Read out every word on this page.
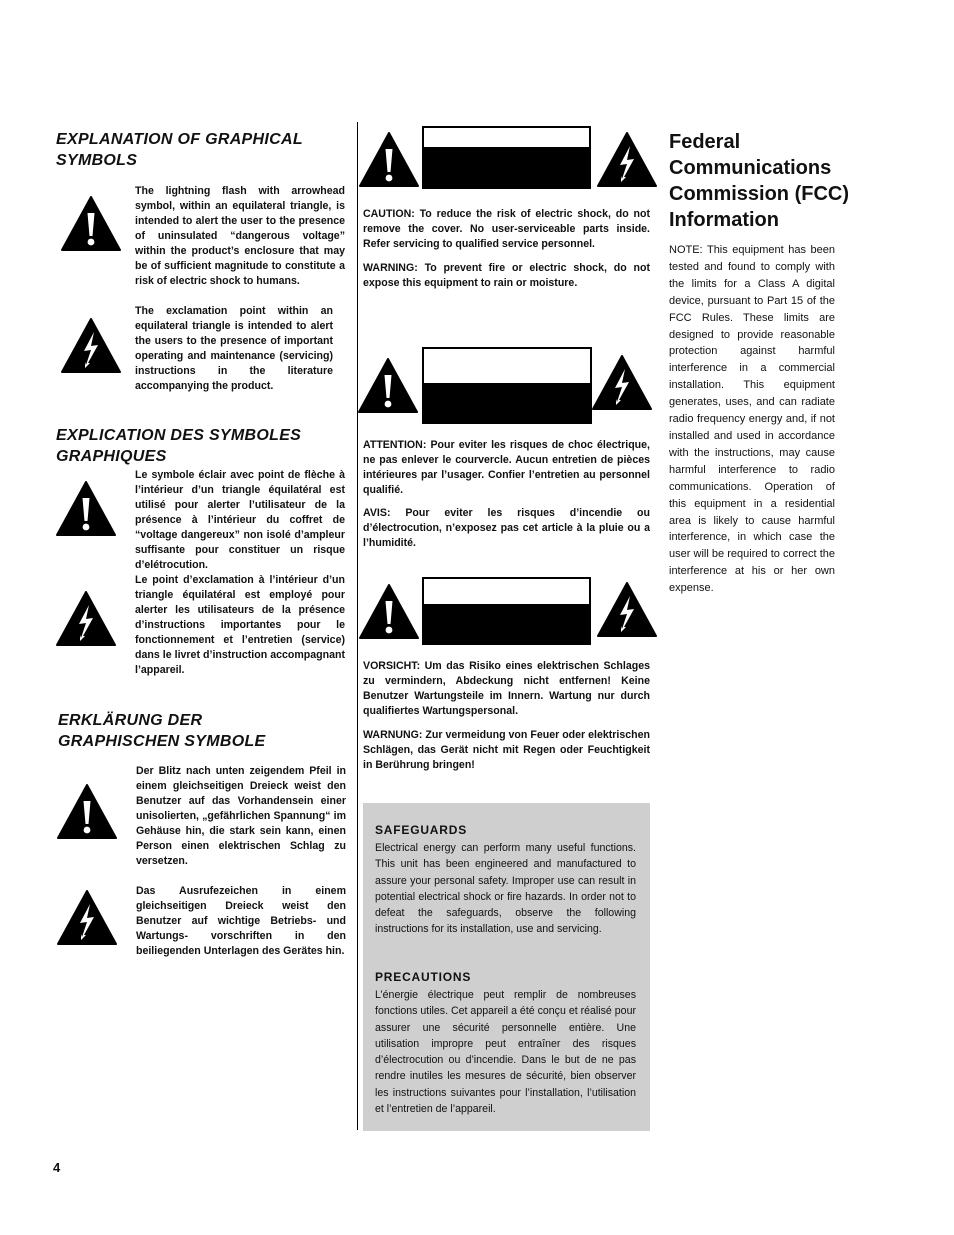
EXPLANATION OF GRAPHICAL SYMBOLS
The lightning flash with arrowhead symbol, within an equilateral triangle, is intended to alert the user to the presence of uninsulated “dangerous voltage” within the product’s enclosure that may be of sufficient magnitude to constitute a risk of electric shock to humans.
The exclamation point within an equilateral triangle is intended to alert the users to the presence of important operating and maintenance (servicing) instructions in the literature accompanying the product.
EXPLICATION DES SYMBOLES GRAPHIQUES
Le symbole éclair avec point de flèche à l’intérieur d’un triangle équilatéral est utilisé pour alerter l’utilisateur de la présence à l’intérieur du coffret de “voltage dangereux” non isolé d’ampleur suffisante pour constituer un risque d’elétrocution.
Le point d’exclamation à l’intérieur d’un triangle équilatéral est employé pour alerter les utilisateurs de la présence d’instructions importantes pour le fonctionnement et l’entretien (service) dans le livret d’instruction accompagnant l’appareil.
ERKLÄRUNG DER GRAPHISCHEN SYMBOLE
Der Blitz nach unten zeigendem Pfeil in einem gleichseitigen Dreieck weist den Benutzer auf das Vorhandensein einer unisolierten, „gefährlichen Spannung“ im Gehäuse hin, die stark sein kann, einen Person einen elektrischen Schlag zu versetzen.
Das Ausrufezeichen in einem gleichseitigen Dreieck weist den Benutzer auf wichtige Betriebs- und Wartungs- vorschriften in den beiliegenden Unterlagen des Gerätes hin.
CAUTION: To reduce the risk of electric shock, do not remove the cover. No user-serviceable parts inside. Refer servicing to qualified service personnel.
WARNING: To prevent fire or electric shock, do not expose this equipment to rain or moisture.
ATTENTION: Pour eviter les risques de choc électrique, ne pas enlever le courvercle. Aucun entretien de pièces intérieures par l’usager. Confier l’entretien au personnel qualifié.
AVIS: Pour eviter les risques d’incendie ou d’électrocution, n’exposez pas cet article à la pluie ou a l’humidité.
VORSICHT: Um das Risiko eines elektrischen Schlages zu vermindern, Abdeckung nicht entfernen! Keine Benutzer Wartungsteile im Innern. Wartung nur durch qualifiertes Wartungspersonal.
WARNUNG: Zur vermeidung von Feuer oder elektrischen Schlägen, das Gerät nicht mit Regen oder Feuchtigkeit in Berührung bringen!
SAFEGUARDS
Electrical energy can perform many useful functions. This unit has been engineered and manufactured to assure your personal safety. Improper use can result in potential electrical shock or fire hazards. In order not to defeat the safeguards, observe the following instructions for its installation, use and servicing.
PRECAUTIONS
L’énergie électrique peut remplir de nombreuses fonctions utiles. Cet appareil a été conçu et réalisé pour assurer une sécurité personnelle entière. Une utilisation impropre peut entraîner des risques d’électrocution ou d’incendie. Dans le but de ne pas rendre inutiles les mesures de sécurité, bien observer les instructions suivantes pour l’installation, l’utilisation et l’entretien de l’appareil.
Federal Communications Commission (FCC) Information
NOTE: This equipment has been tested and found to comply with the limits for a Class A digital device, pursuant to Part 15 of the FCC Rules. These limits are designed to provide reasonable protection against harmful interference in a commercial installation. This equipment generates, uses, and can radiate radio frequency energy and, if not installed and used in accordance with the instructions, may cause harmful interference to radio communications. Operation of this equipment in a residential area is likely to cause harmful interference, in which case the user will be required to correct the interference at his or her own expense.
4
